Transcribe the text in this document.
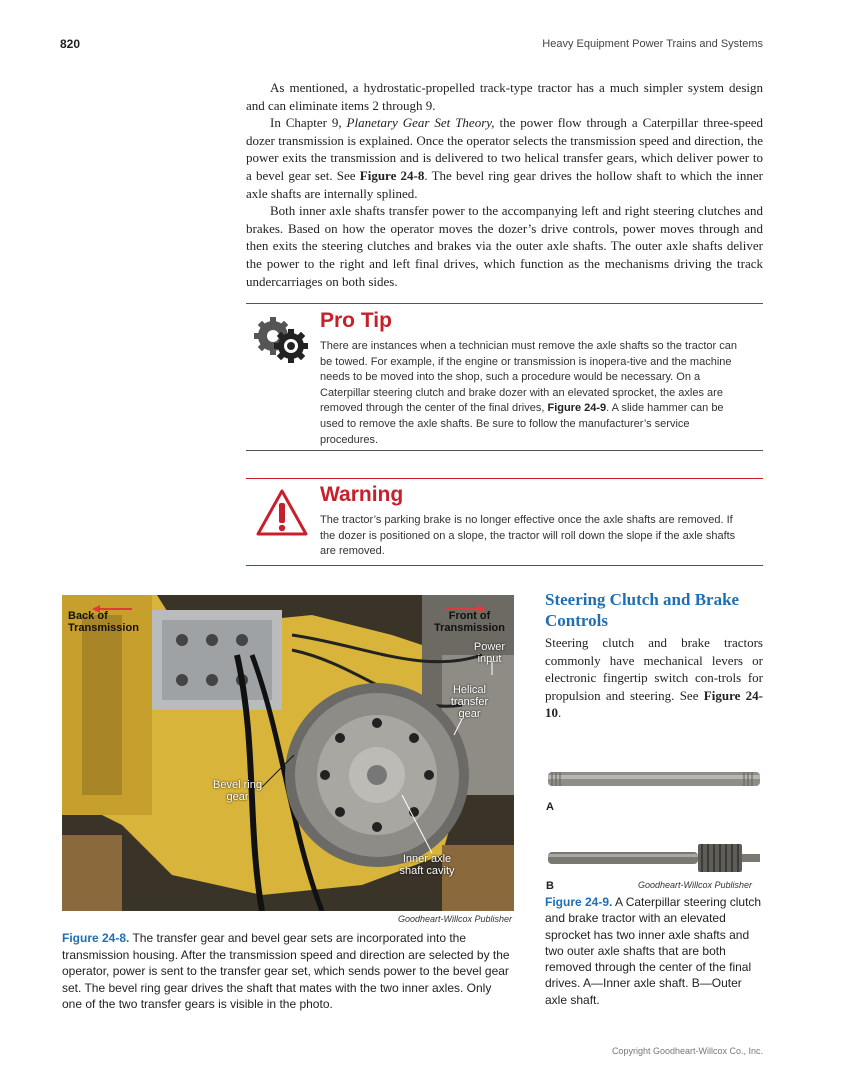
820	Heavy Equipment Power Trains and Systems

As mentioned, a hydrostatic-propelled track-type tractor has a much simpler system design and can eliminate items 2 through 9.

In Chapter 9, Planetary Gear Set Theory, the power flow through a Caterpillar three-speed dozer transmission is explained. Once the operator selects the transmission speed and direction, the power exits the transmission and is delivered to two helical transfer gears, which deliver power to a bevel gear set. See Figure 24-8. The bevel ring gear drives the hollow shaft to which the inner axle shafts are internally splined.

Both inner axle shafts transfer power to the accompanying left and right steering clutches and brakes. Based on how the operator moves the dozer’s drive controls, power moves through and then exits the steering clutches and brakes via the outer axle shafts. The outer axle shafts deliver the power to the right and left final drives, which function as the mechanisms driving the track undercarriages on both sides.

Pro Tip
There are instances when a technician must remove the axle shafts so the tractor can be towed. For example, if the engine or transmission is inopera-tive and the machine needs to be moved into the shop, such a procedure would be necessary. On a Caterpillar steering clutch and brake dozer with an elevated sprocket, the axles are removed through the center of the final drives, Figure 24-9. A slide hammer can be used to remove the axle shafts. Be sure to follow the manufacturer’s service procedures.
Warning
The tractor’s parking brake is no longer effective once the axle shafts are removed. If the dozer is positioned on a slope, the tractor will roll down the slope if the axle shafts are removed.
Back of Transmission
Front of Transmission
Power input
Helical transfer gear
Bevel ring gear
Inner axle shaft cavity
Goodheart-Willcox Publisher
Figure 24-8. The transfer gear and bevel gear sets are incorporated into the transmission housing. After the transmission speed and direction are selected by the operator, power is sent to the transfer gear set, which sends power to the bevel gear set. The bevel ring gear drives the shaft that mates with the two inner axles. Only one of the two transfer gears is visible in the photo.
Steering Clutch and Brake Controls
Steering clutch and brake tractors commonly have mechanical levers or electronic fingertip switch con-trols for propulsion and steering. See Figure 24-10.
A
B	Goodheart-Willcox Publisher
Figure 24-9. A Caterpillar steering clutch and brake tractor with an elevated sprocket has two inner axle shafts and two outer axle shafts that are both removed through the center of the final drives. A—Inner axle shaft. B—Outer axle shaft.
Copyright Goodheart-Willcox Co., Inc.
